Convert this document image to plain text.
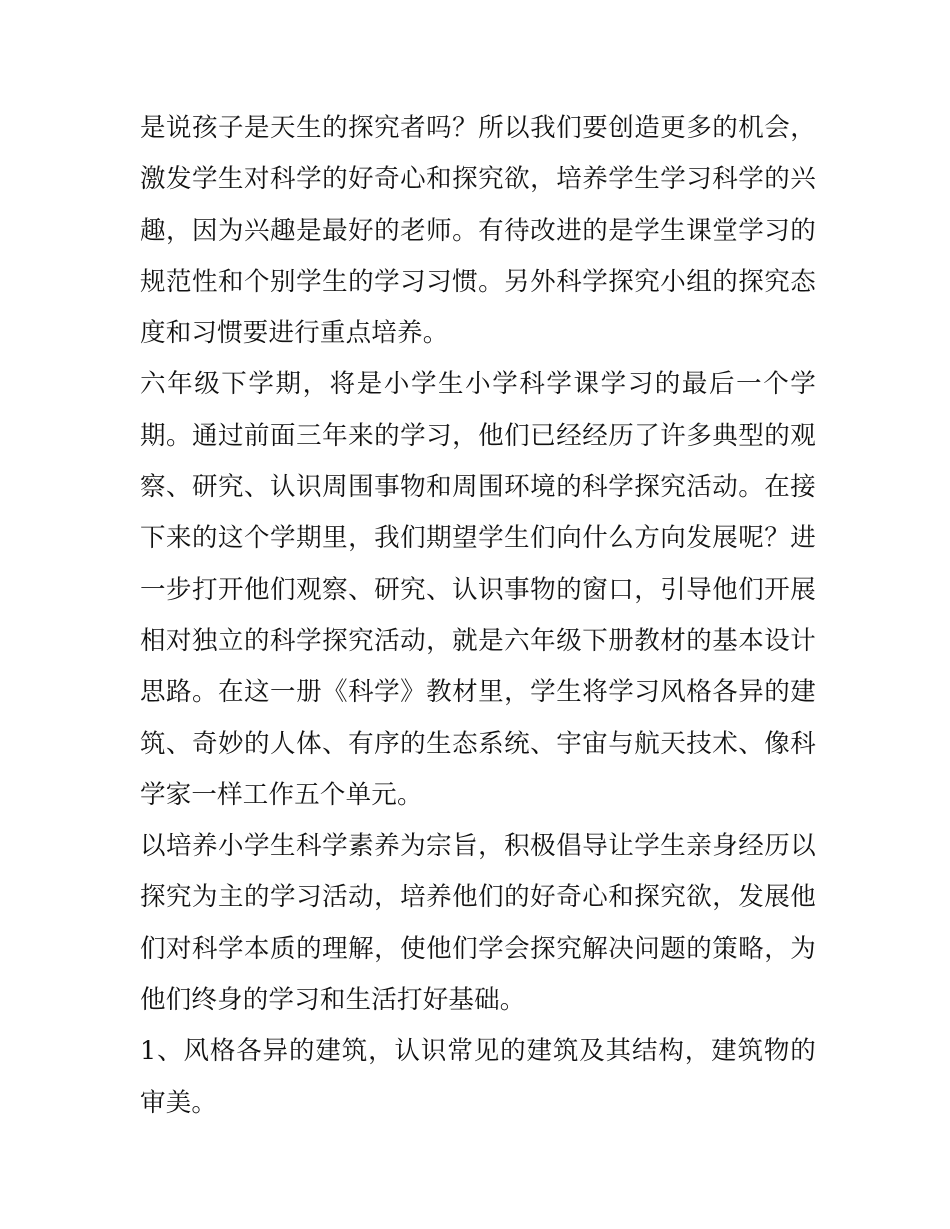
是说孩子是天生的探究者吗？所以我们要创造更多的机会，激发学生对科学的好奇心和探究欲，培养学生学习科学的兴趣，因为兴趣是最好的老师。有待改进的是学生课堂学习的规范性和个别学生的学习习惯。另外科学探究小组的探究态度和习惯要进行重点培养。

六年级下学期，将是小学生小学科学课学习的最后一个学期。通过前面三年来的学习，他们已经经历了许多典型的观察、研究、认识周围事物和周围环境的科学探究活动。在接下来的这个学期里，我们期望学生们向什么方向发展呢？进一步打开他们观察、研究、认识事物的窗口，引导他们开展相对独立的科学探究活动，就是六年级下册教材的基本设计思路。在这一册《科学》教材里，学生将学习风格各异的建筑、奇妙的人体、有序的生态系统、宇宙与航天技术、像科学家一样工作五个单元。

以培养小学生科学素养为宗旨，积极倡导让学生亲身经历以探究为主的学习活动，培养他们的好奇心和探究欲，发展他们对科学本质的理解，使他们学会探究解决问题的策略，为他们终身的学习和生活打好基础。

1、风格各异的建筑，认识常见的建筑及其结构，建筑物的审美。
